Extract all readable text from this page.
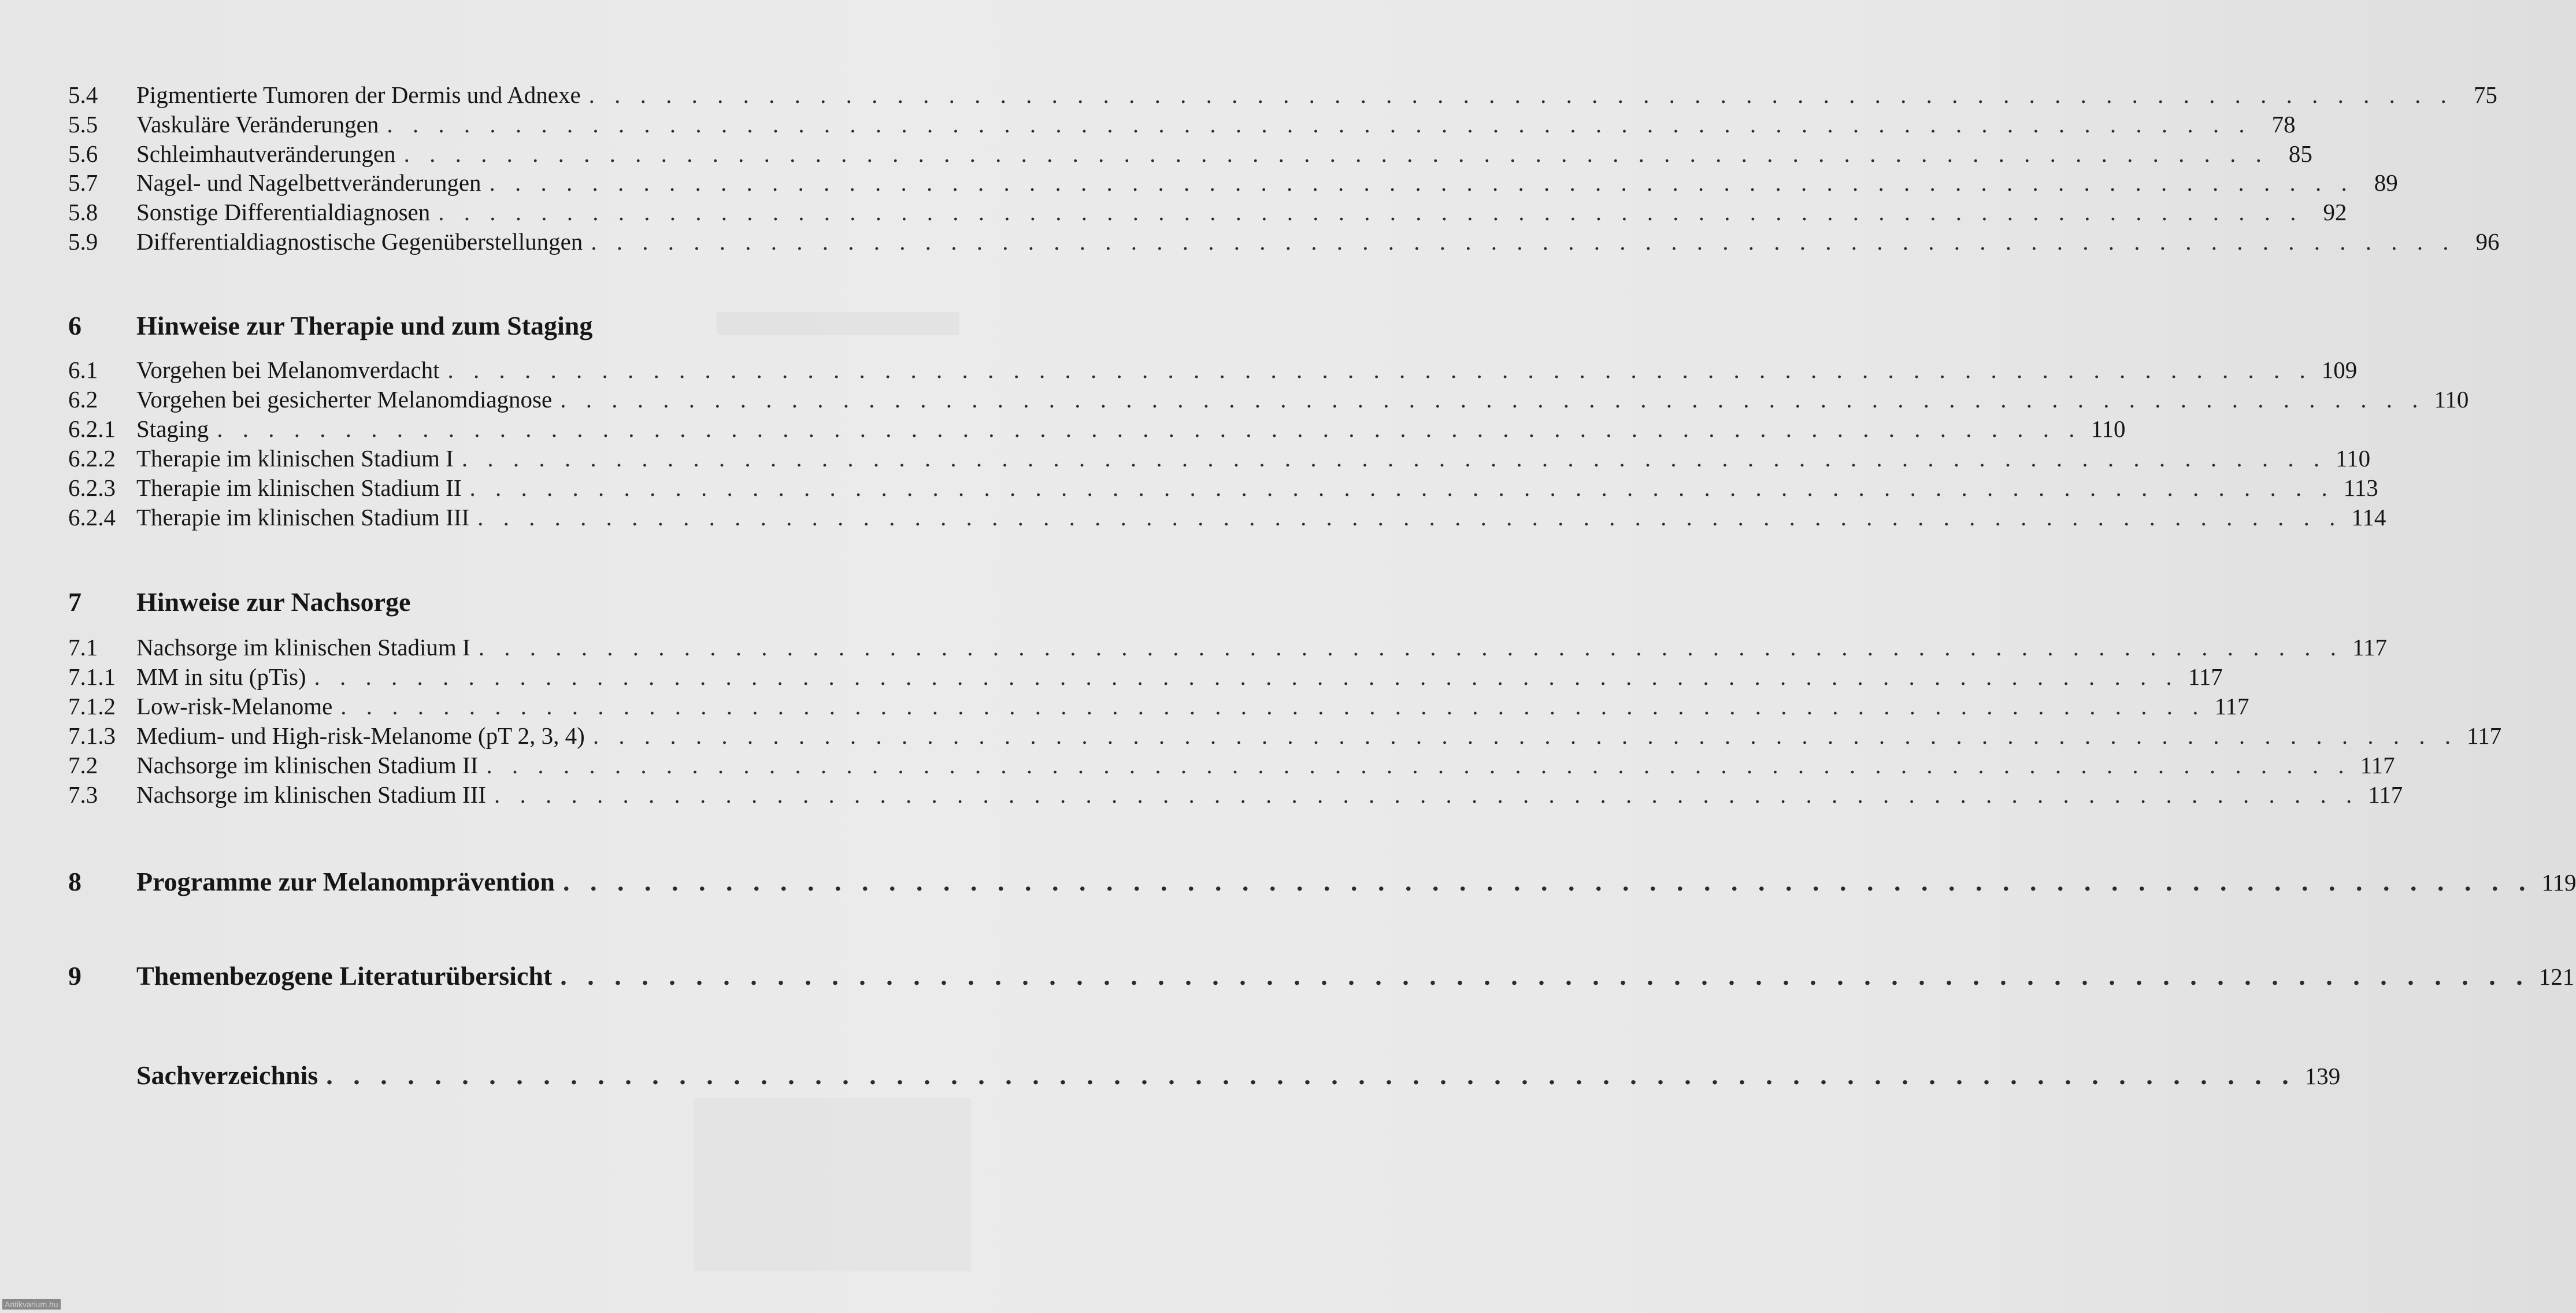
5.4	Pigmentierte Tumoren der Dermis und Adnexe . . . . . . . . . . . . . . . . . . . . . . . . . . . . . . . . . . . . . . . . . . . . . . . . . . . . . . . . . . . . . . . . . . . . . . . . . 75
5.5	Vaskuläre Veränderungen . . . . . . . . . . . . . . . . . . . . . . . . . . . . . . . . . . . . . . . . . . . . . . . . . . . . . . . . . . . . . . . . . . . . . . . . . 78
5.6	Schleimhautveränderungen . . . . . . . . . . . . . . . . . . . . . . . . . . . . . . . . . . . . . . . . . . . . . . . . . . . . . . . . . . . . . . . . . . . . . . . . . 85
5.7	Nagel- und Nagelbettveränderungen . . . . . . . . . . . . . . . . . . . . . . . . . . . . . . . . . . . . . . . . . . . . . . . . . . . . . . . . . . . . . . . . . . . . . . . . . 89
5.8	Sonstige Differentialdiagnosen . . . . . . . . . . . . . . . . . . . . . . . . . . . . . . . . . . . . . . . . . . . . . . . . . . . . . . . . . . . . . . . . . . . . . . . . . 92
5.9	Differentialdiagnostische Gegenüberstellungen . . . . . . . . . . . . . . . . . . . . . . . . . . . . . . . . . . . . . . . . . . . . . . . . . . . . . . . . . . . . . . . . . . . . . . . . . 96
6	Hinweise zur Therapie und zum Staging
6.1	Vorgehen bei Melanomverdacht . . . . . . . . . . . . . . . . . . . . . . . . . . . . . . . . . . . . . . . . . . . . . . . . . . . . . . . . . . . . . . . . . . . . . . . . . 109
6.2	Vorgehen bei gesicherter Melanomdiagnose . . . . . . . . . . . . . . . . . . . . . . . . . . . . . . . . . . . . . . . . . . . . . . . . . . . . . . . . . . . . . . . . . . . . . . . . . 110
6.2.1 Staging . . . . . . . . . . . . . . . . . . . . . . . . . . . . . . . . . . . . . . . . . . . . . . . . . . . . . . . . . . . . . . . . . . . . . . . . . 110
6.2.2 Therapie im klinischen Stadium I . . . . . . . . . . . . . . . . . . . . . . . . . . . . . . . . . . . . . . . . . . . . . . . . . . . . . . . . . . . . . . . . . . . . . . . . . 110
6.2.3 Therapie im klinischen Stadium II . . . . . . . . . . . . . . . . . . . . . . . . . . . . . . . . . . . . . . . . . . . . . . . . . . . . . . . . . . . . . . . . . . . . . . . . . 113
6.2.4 Therapie im klinischen Stadium III . . . . . . . . . . . . . . . . . . . . . . . . . . . . . . . . . . . . . . . . . . . . . . . . . . . . . . . . . . . . . . . . . . . . . . . . . 114
7	Hinweise zur Nachsorge
7.1	Nachsorge im klinischen Stadium I . . . . . . . . . . . . . . . . . . . . . . . . . . . . . . . . . . . . . . . . . . . . . . . . . . . . . . . . . . . . . . . . . . . . . . . . . 117
7.1.1 MM in situ (pTis) . . . . . . . . . . . . . . . . . . . . . . . . . . . . . . . . . . . . . . . . . . . . . . . . . . . . . . . . . . . . . . . . . . . . . . . . . 117
7.1.2 Low-risk-Melanome . . . . . . . . . . . . . . . . . . . . . . . . . . . . . . . . . . . . . . . . . . . . . . . . . . . . . . . . . . . . . . . . . . . . . . . . . 117
7.1.3 Medium- und High-risk-Melanome (pT 2, 3, 4) . . . . . . . . . . . . . . . . . . . . . . . . . . . . . . . . . . . . . . . . . . . . . . . . . . . . . . . . . . . . . . . . . . . . . . . . . 117
7.2	Nachsorge im klinischen Stadium II . . . . . . . . . . . . . . . . . . . . . . . . . . . . . . . . . . . . . . . . . . . . . . . . . . . . . . . . . . . . . . . . . . . . . . . . . 117
7.3	Nachsorge im klinischen Stadium III . . . . . . . . . . . . . . . . . . . . . . . . . . . . . . . . . . . . . . . . . . . . . . . . . . . . . . . . . . . . . . . . . . . . . . . . . 117
8	Programme zur Melanomprävention . . . . . . . . . . . . . . . . . . . . . . . . . . . . . . . . . . . . . . . . . . . . . . . . . . . . . . . . . . . . . . . . . . . . . . . . . 119
9	Themenbezogene Literaturübersicht . . . . . . . . . . . . . . . . . . . . . . . . . . . . . . . . . . . . . . . . . . . . . . . . . . . . . . . . . . . . . . . . . . . . . . . . . 121
Sachverzeichnis . . . . . . . . . . . . . . . . . . . . . . . . . . . . . . . . . . . . . . . . . . . . . . . . . . . . . . . . . . . . . . . . . . . . . . . . . 139
Antikvarium.hu
